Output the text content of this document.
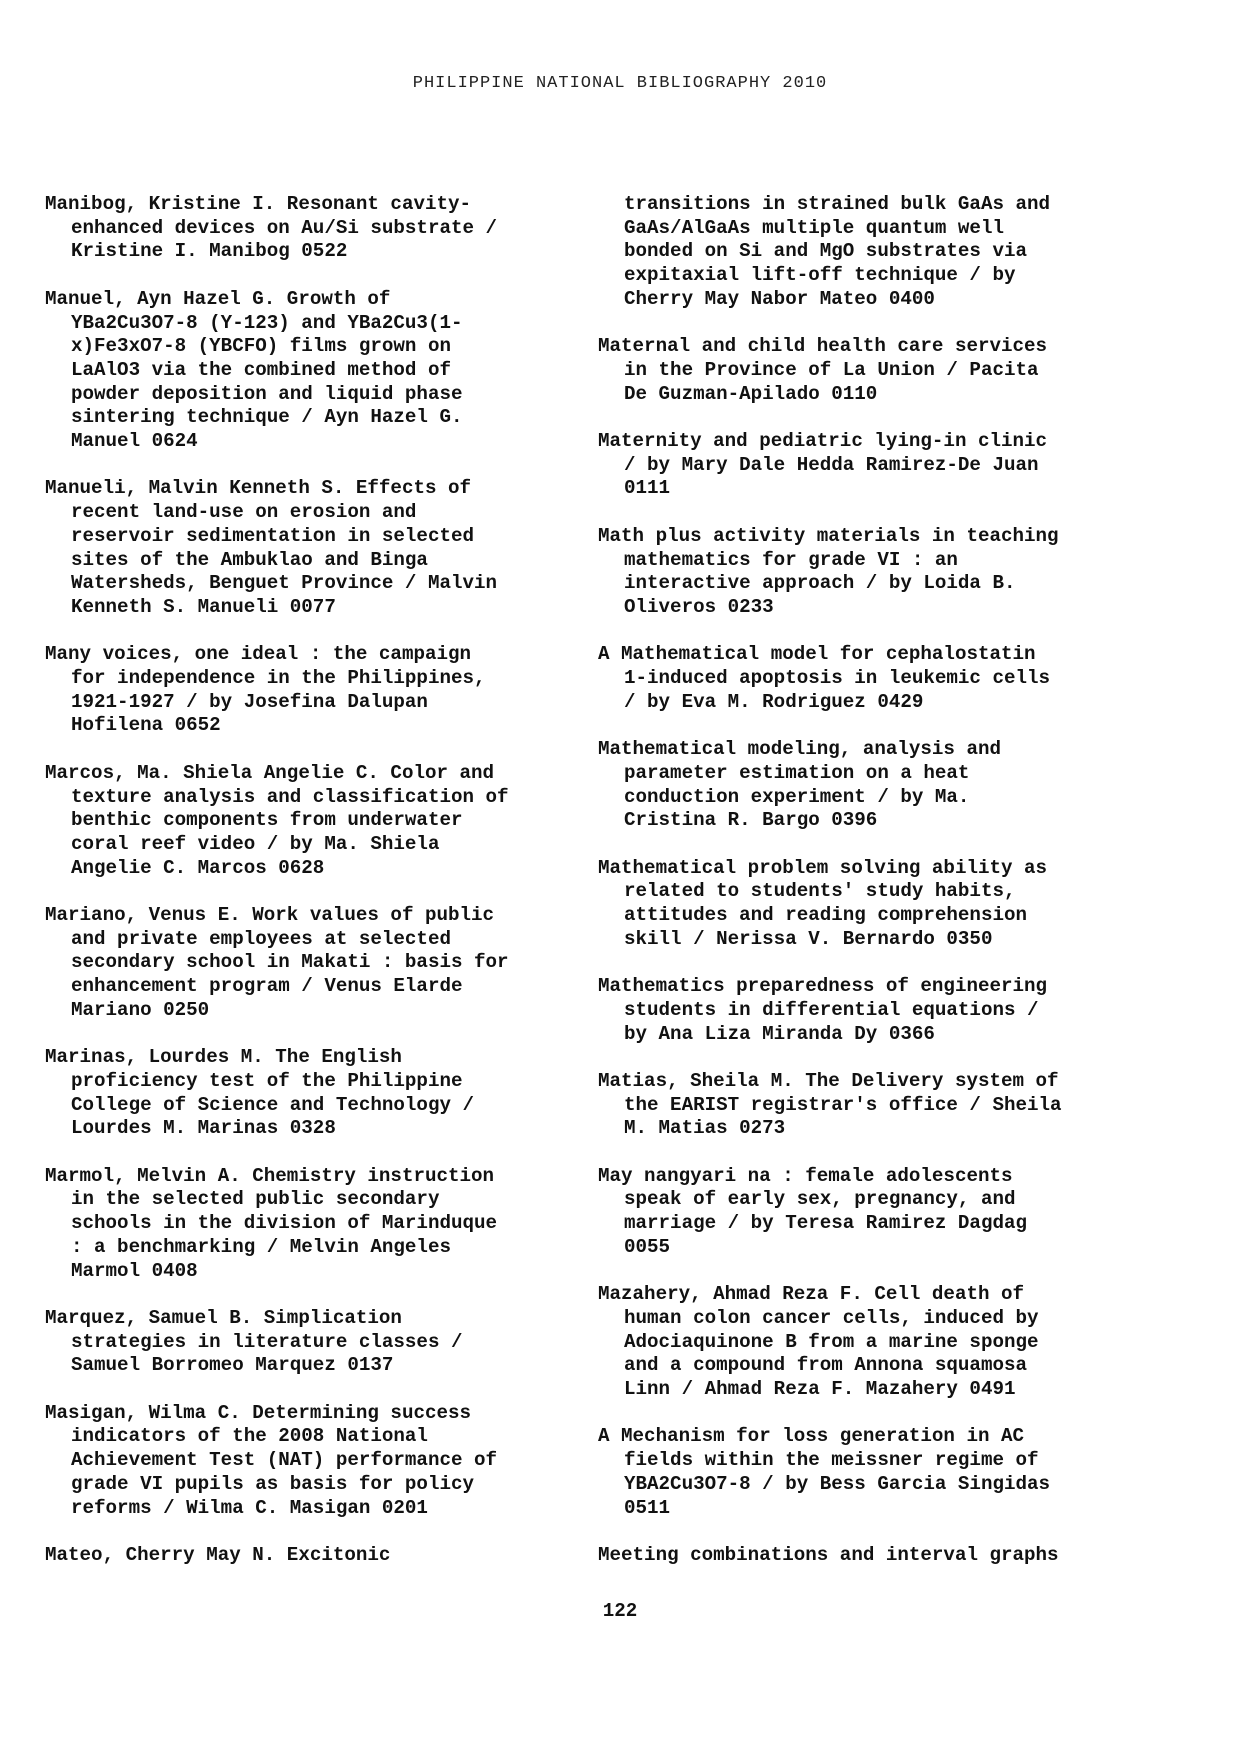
PHILIPPINE NATIONAL BIBLIOGRAPHY 2010

Manibog, Kristine I. Resonant cavity-
enhanced devices on Au/Si substrate /
Kristine I. Manibog 0522

Manuel, Ayn Hazel G. Growth of
YBa2Cu3O7-8 (Y-123) and YBa2Cu3(1-
x)Fe3xO7-8 (YBCFO) films grown on
LaAlO3 via the combined method of
powder deposition and liquid phase
sintering technique / Ayn Hazel G.
Manuel 0624

Manueli, Malvin Kenneth S. Effects of
recent land-use on erosion and
reservoir sedimentation in selected
sites of the Ambuklao and Binga
Watersheds, Benguet Province / Malvin
Kenneth S. Manueli 0077

Many voices, one ideal : the campaign
for independence in the Philippines,
1921-1927 / by Josefina Dalupan
Hofilena 0652

Marcos, Ma. Shiela Angelie C. Color and
texture analysis and classification of
benthic components from underwater
coral reef video / by Ma. Shiela
Angelie C. Marcos 0628

Mariano, Venus E. Work values of public
and private employees at selected
secondary school in Makati : basis for
enhancement program / Venus Elarde
Mariano 0250

Marinas, Lourdes M. The English
proficiency test of the Philippine
College of Science and Technology /
Lourdes M. Marinas 0328

Marmol, Melvin A. Chemistry instruction
in the selected public secondary
schools in the division of Marinduque
: a benchmarking / Melvin Angeles
Marmol 0408

Marquez, Samuel B. Simplication
strategies in literature classes /
Samuel Borromeo Marquez 0137

Masigan, Wilma C. Determining success
indicators of the 2008 National
Achievement Test (NAT) performance of
grade VI pupils as basis for policy
reforms / Wilma C. Masigan 0201

Mateo, Cherry May N. Excitonic

transitions in strained bulk GaAs and
GaAs/AlGaAs multiple quantum well
bonded on Si and MgO substrates via
expitaxial lift-off technique / by
Cherry May Nabor Mateo 0400

Maternal and child health care services
in the Province of La Union / Pacita
De Guzman-Apilado 0110

Maternity and pediatric lying-in clinic
/ by Mary Dale Hedda Ramirez-De Juan
0111

Math plus activity materials in teaching
mathematics for grade VI : an
interactive approach / by Loida B.
Oliveros 0233

A Mathematical model for cephalostatin
1-induced apoptosis in leukemic cells
/ by Eva M. Rodriguez 0429

Mathematical modeling, analysis and
parameter estimation on a heat
conduction experiment / by Ma.
Cristina R. Bargo 0396

Mathematical problem solving ability as
related to students' study habits,
attitudes and reading comprehension
skill / Nerissa V. Bernardo 0350

Mathematics preparedness of engineering
students in differential equations /
by Ana Liza Miranda Dy 0366

Matias, Sheila M. The Delivery system of
the EARIST registrar's office / Sheila
M. Matias 0273

May nangyari na : female adolescents
speak of early sex, pregnancy, and
marriage / by Teresa Ramirez Dagdag
0055

Mazahery, Ahmad Reza F. Cell death of
human colon cancer cells, induced by
Adociaquinone B from a marine sponge
and a compound from Annona squamosa
Linn / Ahmad Reza F. Mazahery 0491

A Mechanism for loss generation in AC
fields within the meissner regime of
YBA2Cu3O7-8 / by Bess Garcia Singidas
0511

Meeting combinations and interval graphs

122
